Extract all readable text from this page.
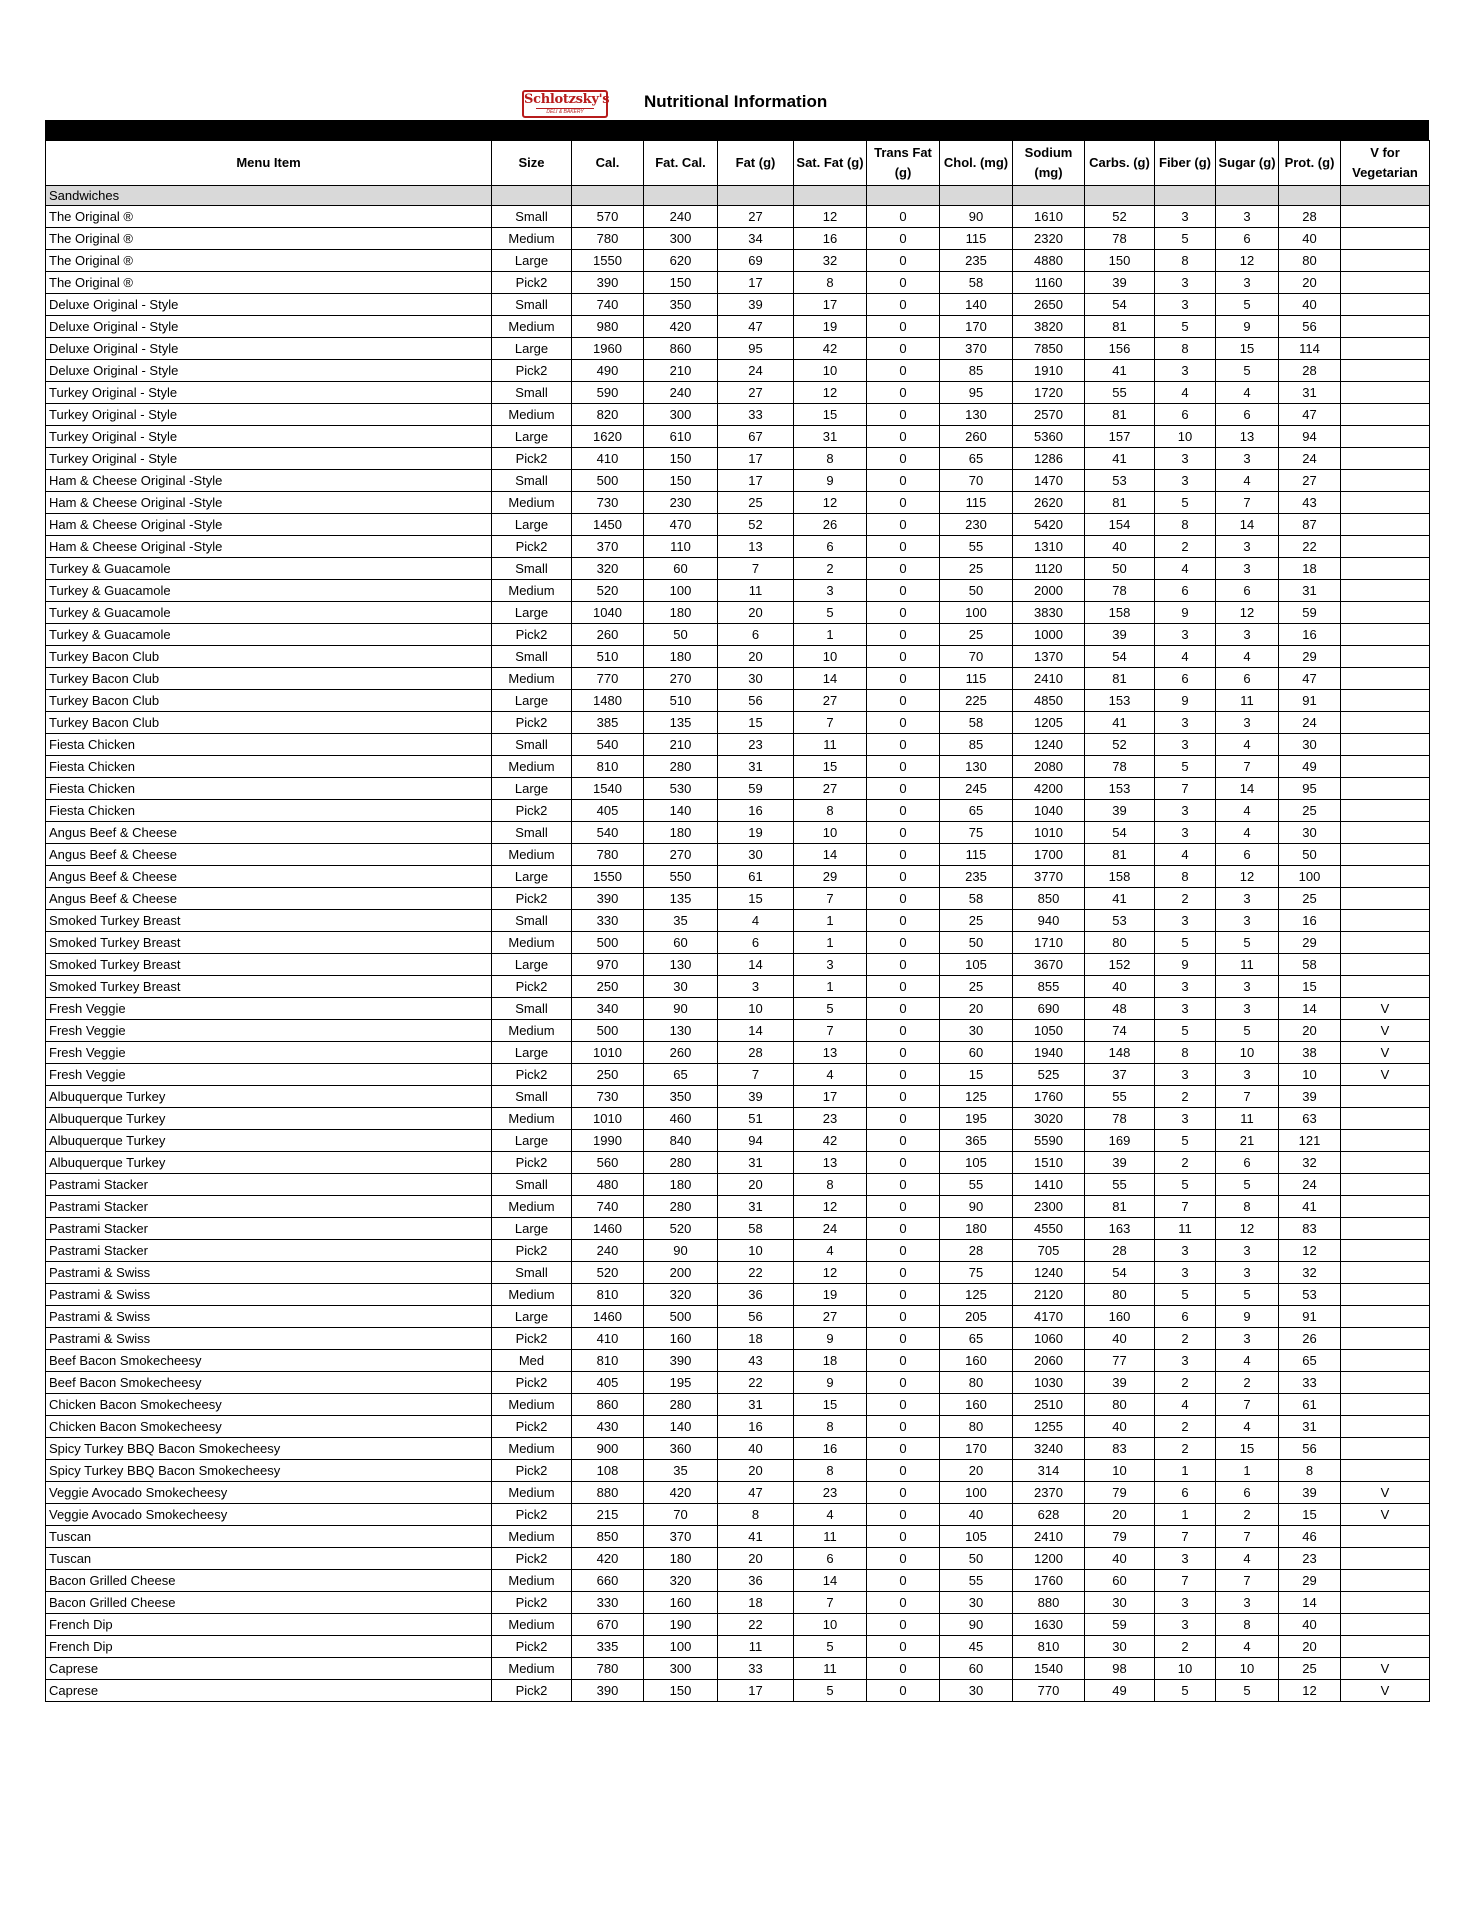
Schlotzsky's
DELI & BAKERY
Nutritional Information
Menu Item	Size	Cal.	Fat. Cal.	Fat (g)	Sat. Fat (g)	Trans Fat (g)	Chol. (mg)	Sodium (mg)	Carbs. (g)	Fiber (g)	Sugar (g)	Prot. (g)	V for Vegetarian
Sandwiches													
The Original ®	Small	570	240	27	12	0	90	1610	52	3	3	28	
The Original ®	Medium	780	300	34	16	0	115	2320	78	5	6	40	
The Original ®	Large	1550	620	69	32	0	235	4880	150	8	12	80	
The Original ®	Pick2	390	150	17	8	0	58	1160	39	3	3	20	
Deluxe Original - Style	Small	740	350	39	17	0	140	2650	54	3	5	40	
Deluxe Original - Style	Medium	980	420	47	19	0	170	3820	81	5	9	56	
Deluxe Original - Style	Large	1960	860	95	42	0	370	7850	156	8	15	114	
Deluxe Original - Style	Pick2	490	210	24	10	0	85	1910	41	3	5	28	
Turkey Original - Style	Small	590	240	27	12	0	95	1720	55	4	4	31	
Turkey Original - Style	Medium	820	300	33	15	0	130	2570	81	6	6	47	
Turkey Original - Style	Large	1620	610	67	31	0	260	5360	157	10	13	94	
Turkey Original - Style	Pick2	410	150	17	8	0	65	1286	41	3	3	24	
Ham & Cheese Original -Style	Small	500	150	17	9	0	70	1470	53	3	4	27	
Ham & Cheese Original -Style	Medium	730	230	25	12	0	115	2620	81	5	7	43	
Ham & Cheese Original -Style	Large	1450	470	52	26	0	230	5420	154	8	14	87	
Ham & Cheese Original -Style	Pick2	370	110	13	6	0	55	1310	40	2	3	22	
Turkey & Guacamole	Small	320	60	7	2	0	25	1120	50	4	3	18	
Turkey & Guacamole	Medium	520	100	11	3	0	50	2000	78	6	6	31	
Turkey & Guacamole	Large	1040	180	20	5	0	100	3830	158	9	12	59	
Turkey & Guacamole	Pick2	260	50	6	1	0	25	1000	39	3	3	16	
Turkey Bacon Club	Small	510	180	20	10	0	70	1370	54	4	4	29	
Turkey Bacon Club	Medium	770	270	30	14	0	115	2410	81	6	6	47	
Turkey Bacon Club	Large	1480	510	56	27	0	225	4850	153	9	11	91	
Turkey Bacon Club	Pick2	385	135	15	7	0	58	1205	41	3	3	24	
Fiesta Chicken	Small	540	210	23	11	0	85	1240	52	3	4	30	
Fiesta Chicken	Medium	810	280	31	15	0	130	2080	78	5	7	49	
Fiesta Chicken	Large	1540	530	59	27	0	245	4200	153	7	14	95	
Fiesta Chicken	Pick2	405	140	16	8	0	65	1040	39	3	4	25	
Angus Beef & Cheese	Small	540	180	19	10	0	75	1010	54	3	4	30	
Angus Beef & Cheese	Medium	780	270	30	14	0	115	1700	81	4	6	50	
Angus Beef & Cheese	Large	1550	550	61	29	0	235	3770	158	8	12	100	
Angus Beef & Cheese	Pick2	390	135	15	7	0	58	850	41	2	3	25	
Smoked Turkey Breast	Small	330	35	4	1	0	25	940	53	3	3	16	
Smoked Turkey Breast	Medium	500	60	6	1	0	50	1710	80	5	5	29	
Smoked Turkey Breast	Large	970	130	14	3	0	105	3670	152	9	11	58	
Smoked Turkey Breast	Pick2	250	30	3	1	0	25	855	40	3	3	15	
Fresh Veggie	Small	340	90	10	5	0	20	690	48	3	3	14	V
Fresh Veggie	Medium	500	130	14	7	0	30	1050	74	5	5	20	V
Fresh Veggie	Large	1010	260	28	13	0	60	1940	148	8	10	38	V
Fresh Veggie	Pick2	250	65	7	4	0	15	525	37	3	3	10	V
Albuquerque Turkey	Small	730	350	39	17	0	125	1760	55	2	7	39	
Albuquerque Turkey	Medium	1010	460	51	23	0	195	3020	78	3	11	63	
Albuquerque Turkey	Large	1990	840	94	42	0	365	5590	169	5	21	121	
Albuquerque Turkey	Pick2	560	280	31	13	0	105	1510	39	2	6	32	
Pastrami Stacker	Small	480	180	20	8	0	55	1410	55	5	5	24	
Pastrami Stacker	Medium	740	280	31	12	0	90	2300	81	7	8	41	
Pastrami Stacker	Large	1460	520	58	24	0	180	4550	163	11	12	83	
Pastrami Stacker	Pick2	240	90	10	4	0	28	705	28	3	3	12	
Pastrami & Swiss	Small	520	200	22	12	0	75	1240	54	3	3	32	
Pastrami & Swiss	Medium	810	320	36	19	0	125	2120	80	5	5	53	
Pastrami & Swiss	Large	1460	500	56	27	0	205	4170	160	6	9	91	
Pastrami & Swiss	Pick2	410	160	18	9	0	65	1060	40	2	3	26	
Beef Bacon Smokecheesy	Med	810	390	43	18	0	160	2060	77	3	4	65	
Beef Bacon Smokecheesy	Pick2	405	195	22	9	0	80	1030	39	2	2	33	
Chicken Bacon Smokecheesy	Medium	860	280	31	15	0	160	2510	80	4	7	61	
Chicken Bacon Smokecheesy	Pick2	430	140	16	8	0	80	1255	40	2	4	31	
Spicy Turkey BBQ Bacon Smokecheesy	Medium	900	360	40	16	0	170	3240	83	2	15	56	
Spicy Turkey BBQ Bacon Smokecheesy	Pick2	108	35	20	8	0	20	314	10	1	1	8	
Veggie Avocado Smokecheesy	Medium	880	420	47	23	0	100	2370	79	6	6	39	V
Veggie Avocado Smokecheesy	Pick2	215	70	8	4	0	40	628	20	1	2	15	V
Tuscan	Medium	850	370	41	11	0	105	2410	79	7	7	46	
Tuscan	Pick2	420	180	20	6	0	50	1200	40	3	4	23	
Bacon Grilled Cheese	Medium	660	320	36	14	0	55	1760	60	7	7	29	
Bacon Grilled Cheese	Pick2	330	160	18	7	0	30	880	30	3	3	14	
French Dip	Medium	670	190	22	10	0	90	1630	59	3	8	40	
French Dip	Pick2	335	100	11	5	0	45	810	30	2	4	20	
Caprese	Medium	780	300	33	11	0	60	1540	98	10	10	25	V
Caprese	Pick2	390	150	17	5	0	30	770	49	5	5	12	V
